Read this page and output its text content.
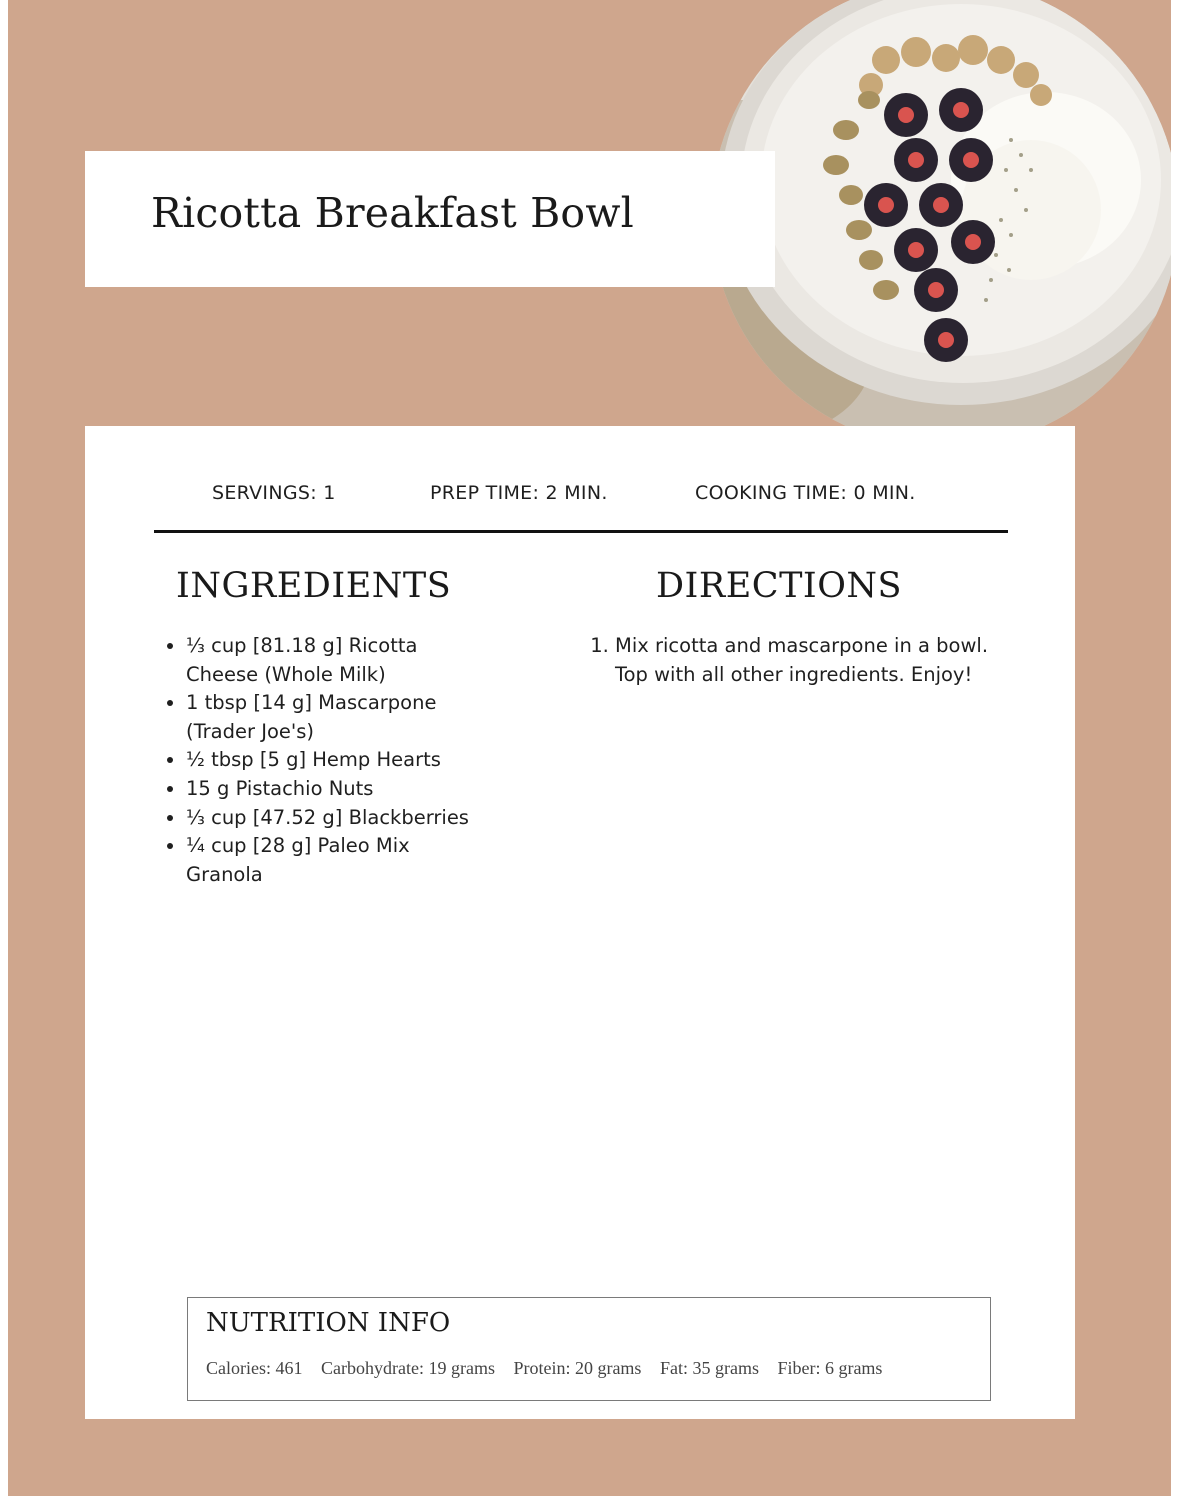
Ricotta Breakfast Bowl
SERVINGS: 1	PREP TIME: 2 MIN.	COOKING TIME: 0 MIN.
INGREDIENTS
• ⅓ cup [81.18 g] Ricotta Cheese (Whole Milk)
• 1 tbsp [14 g] Mascarpone (Trader Joe's)
• ½ tbsp [5 g] Hemp Hearts
• 15 g Pistachio Nuts
• ⅓ cup [47.52 g] Blackberries
• ¼ cup [28 g] Paleo Mix Granola
DIRECTIONS
1. Mix ricotta and mascarpone in a bowl. Top with all other ingredients. Enjoy!
NUTRITION INFO
Calories: 461 Carbohydrate: 19 grams Protein: 20 grams Fat: 35 grams Fiber: 6 grams
